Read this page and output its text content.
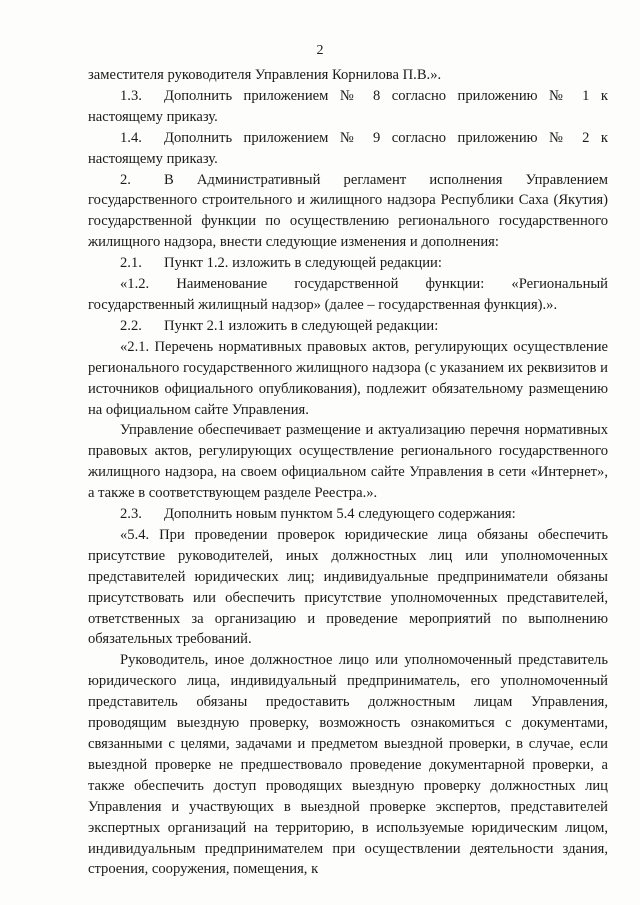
2

заместителя руководителя Управления Корнилова П.В.».

1.3. Дополнить приложением № 8 согласно приложению № 1 к настоящему приказу.

1.4. Дополнить приложением № 9 согласно приложению № 2 к настоящему приказу.

2. В Административный регламент исполнения Управлением государственного строительного и жилищного надзора Республики Саха (Якутия) государственной функции по осуществлению регионального государственного жилищного надзора, внести следующие изменения и дополнения:

2.1. Пункт 1.2. изложить в следующей редакции:

«1.2. Наименование государственной функции: «Региональный государственный жилищный надзор» (далее – государственная функция).».

2.2. Пункт 2.1 изложить в следующей редакции:

«2.1. Перечень нормативных правовых актов, регулирующих осуществление регионального государственного жилищного надзора (с указанием их реквизитов и источников официального опубликования), подлежит обязательному размещению на официальном сайте Управления.

Управление обеспечивает размещение и актуализацию перечня нормативных правовых актов, регулирующих осуществление регионального государственного жилищного надзора, на своем официальном сайте Управления в сети «Интернет», а также в соответствующем разделе Реестра.».

2.3. Дополнить новым пунктом 5.4 следующего содержания:

«5.4. При проведении проверок юридические лица обязаны обеспечить присутствие руководителей, иных должностных лиц или уполномоченных представителей юридических лиц; индивидуальные предприниматели обязаны присутствовать или обеспечить присутствие уполномоченных представителей, ответственных за организацию и проведение мероприятий по выполнению обязательных требований.

Руководитель, иное должностное лицо или уполномоченный представитель юридического лица, индивидуальный предприниматель, его уполномоченный представитель обязаны предоставить должностным лицам Управления, проводящим выездную проверку, возможность ознакомиться с документами, связанными с целями, задачами и предметом выездной проверки, в случае, если выездной проверке не предшествовало проведение документарной проверки, а также обеспечить доступ проводящих выездную проверку должностных лиц Управления и участвующих в выездной проверке экспертов, представителей экспертных организаций на территорию, в используемые юридическим лицом, индивидуальным предпринимателем при осуществлении деятельности здания, строения, сооружения, помещения, к
